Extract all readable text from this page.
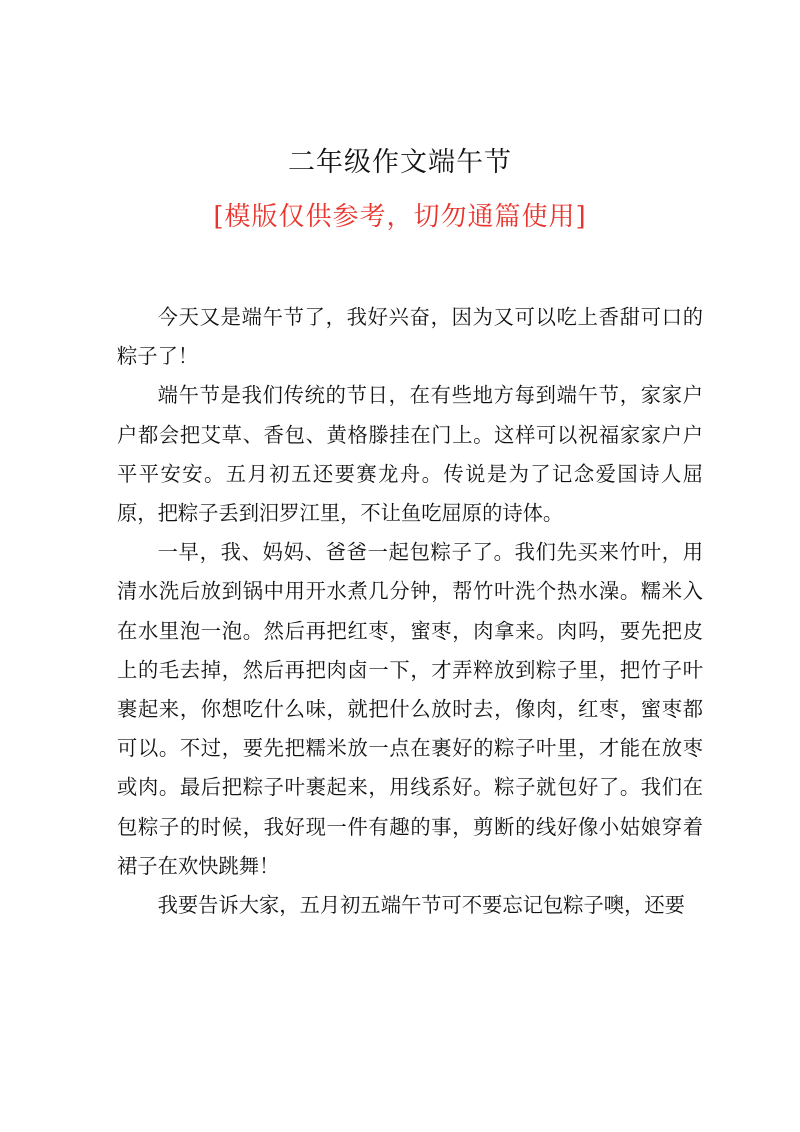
二年级作文端午节
[模版仅供参考，切勿通篇使用]

今天又是端午节了，我好兴奋，因为又可以吃上香甜可口的粽子了！

端午节是我们传统的节日，在有些地方每到端午节，家家户户都会把艾草、香包、黄格滕挂在门上。这样可以祝福家家户户平平安安。五月初五还要赛龙舟。传说是为了记念爱国诗人屈原，把粽子丢到汨罗江里，不让鱼吃屈原的诗体。

一早，我、妈妈、爸爸一起包粽子了。我们先买来竹叶，用清水洗后放到锅中用开水煮几分钟，帮竹叶洗个热水澡。糯米入在水里泡一泡。然后再把红枣，蜜枣，肉拿来。肉吗，要先把皮上的毛去掉，然后再把肉卤一下，才弄粹放到粽子里，把竹子叶裹起来，你想吃什么味，就把什么放时去，像肉，红枣，蜜枣都可以。不过，要先把糯米放一点在裹好的粽子叶里，才能在放枣或肉。最后把粽子叶裹起来，用线系好。粽子就包好了。我们在包粽子的时候，我好现一件有趣的事，剪断的线好像小姑娘穿着裙子在欢快跳舞！

我要告诉大家，五月初五端午节可不要忘记包粽子噢，还要
